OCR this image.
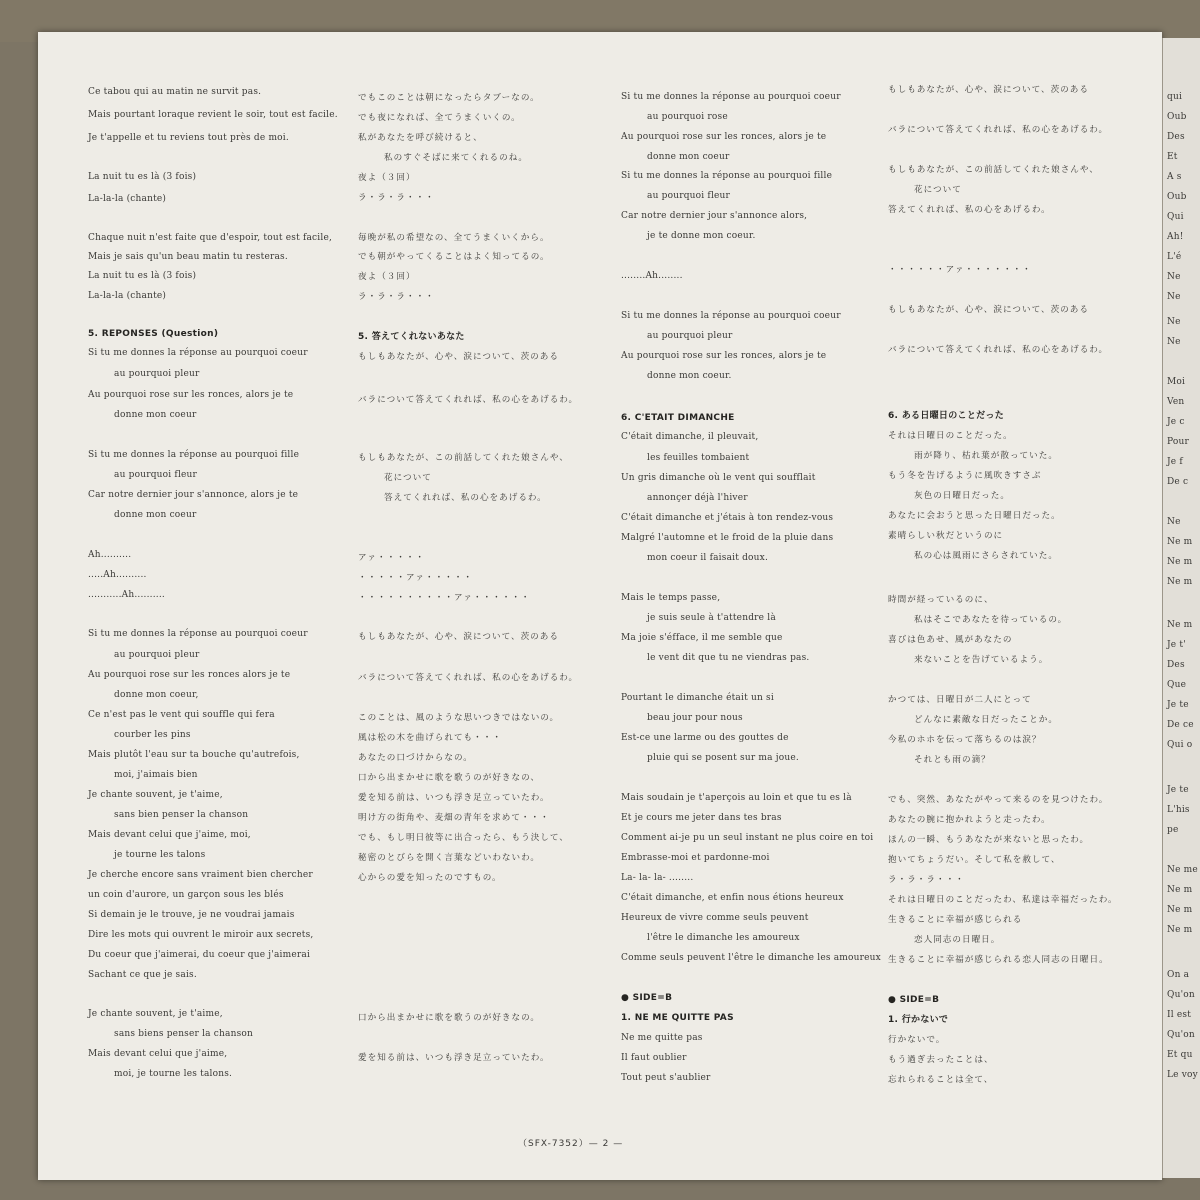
Ce tabou qui au matin ne survit pas.
Mais pourtant loraque revient le soir, tout est facile.
Je t'appelle et tu reviens tout près de moi.
La nuit tu es là (3 fois)
La-la-la (chante)
Chaque nuit n'est faite que d'espoir, tout est facile,
Mais je sais qu'un beau matin tu resteras.
La nuit tu es là (3 fois)
La-la-la (chante)
5. REPONSES (Question)
Si tu me donnes la réponse au pourquoi coeur
au pourquoi pleur
Au pourquoi rose sur les ronces, alors je te
donne mon coeur
Si tu me donnes la réponse au pourquoi fille
au pourquoi fleur
Car notre dernier jour s'annonce, alors je te
donne mon coeur
Ah..........
.....Ah..........
...........Ah..........
Si tu me donnes la réponse au pourquoi coeur
au pourquoi pleur
Au pourquoi rose sur les ronces alors je te
donne mon coeur,
Ce n'est pas le vent qui souffle qui fera
courber les pins
Mais plutôt l'eau sur ta bouche qu'autrefois,
moi, j'aimais bien
Je chante souvent, je t'aime,
sans bien penser la chanson
Mais devant celui que j'aime, moi,
je tourne les talons
Je cherche encore sans vraiment bien chercher
un coin d'aurore, un garçon sous les blés
Si demain je le trouve, je ne voudrai jamais
Dire les mots qui ouvrent le miroir aux secrets,
Du coeur que j'aimerai, du coeur que j'aimerai
Sachant ce que je sais.
Je chante souvent, je t'aime,
sans biens penser la chanson
Mais devant celui que j'aime,
moi, je tourne les talons.
でもこのことは朝になったらタブーなの。
でも夜になれば、全てうまくいくの。
私があなたを呼び続けると、
私のすぐそばに来てくれるのね。
夜よ（３回）
ラ・ラ・ラ・・・
毎晩が私の希望なの、全てうまくいくから。
でも朝がやってくることはよく知ってるの。
夜よ（３回）
ラ・ラ・ラ・・・
5. 答えてくれないあなた
もしもあなたが、心や、涙について、茨のある
バラについて答えてくれれば、私の心をあげるわ。
もしもあなたが、この前話してくれた娘さんや、
花について
答えてくれれば、私の心をあげるわ。
アァ・・・・・
・・・・・アァ・・・・・
・・・・・・・・・・アァ・・・・・・
もしもあなたが、心や、涙について、茨のある
バラについて答えてくれれば、私の心をあげるわ。
このことは、風のような思いつきではないの。
風は松の木を曲げられても・・・
あなたの口づけからなの。
口から出まかせに歌を歌うのが好きなの、
愛を知る前は、いつも浮き足立っていたわ。
明け方の街角や、麦畑の青年を求めて・・・
でも、もし明日彼等に出合ったら、もう決して、
秘密のとびらを開く言葉などいわないわ。
心からの愛を知ったのですもの。
口から出まかせに歌を歌うのが好きなの。
愛を知る前は、いつも浮き足立っていたわ。
Si tu me donnes la réponse au pourquoi coeur
au pourquoi rose
Au pourquoi rose sur les ronces, alors je te
donne mon coeur
Si tu me donnes la réponse au pourquoi fille
au pourquoi fleur
Car notre dernier jour s'annonce alors,
je te donne mon coeur.
........Ah........
Si tu me donnes la réponse au pourquoi coeur
au pourquoi pleur
Au pourquoi rose sur les ronces, alors je te
donne mon coeur.
6. C'ETAIT DIMANCHE
C'était dimanche, il pleuvait,
les feuilles tombaient
Un gris dimanche où le vent qui soufflait
annonçer déjà l'hiver
C'était dimanche et j'étais à ton rendez-vous
Malgré l'automne et le froid de la pluie dans
mon coeur il faisait doux.
Mais le temps passe,
je suis seule à t'attendre là
Ma joie s'éfface, il me semble que
le vent dit que tu ne viendras pas.
Pourtant le dimanche était un si
beau jour pour nous
Est-ce une larme ou des gouttes de
pluie qui se posent sur ma joue.
Mais soudain je t'aperçois au loin et que tu es là
Et je cours me jeter dans tes bras
Comment ai-je pu un seul instant ne plus coire en toi
Embrasse-moi et pardonne-moi
La- la- la- ........
C'était dimanche, et enfin nous étions heureux
Heureux de vivre comme seuls peuvent
l'être le dimanche les amoureux
Comme seuls peuvent l'être le dimanche les amoureux
● SIDE=B
1. NE ME QUITTE PAS
Ne me quitte pas
Il faut oublier
Tout peut s'aublier
もしもあなたが、心や、涙について、茨のある
バラについて答えてくれれば、私の心をあげるわ。
もしもあなたが、この前話してくれた娘さんや、
花について
答えてくれれば、私の心をあげるわ。
・・・・・・アァ・・・・・・・
もしもあなたが、心や、涙について、茨のある
バラについて答えてくれれば、私の心をあげるわ。
6. ある日曜日のことだった
それは日曜日のことだった。
雨が降り、枯れ葉が散っていた。
もう冬を告げるように風吹きすさぶ
灰色の日曜日だった。
あなたに会おうと思った日曜日だった。
素晴らしい秋だというのに
私の心は風雨にさらされていた。
時間が経っているのに、
私はそこであなたを待っているの。
喜びは色あせ、風があなたの
来ないことを告げているよう。
かつては、日曜日が二人にとって
どんなに素敵な日だったことか。
今私のホホを伝って落ちるのは涙？
それとも雨の滴？
でも、突然、あなたがやって来るのを見つけたわ。
あなたの腕に抱かれようと走ったわ。
ほんの一瞬、もうあなたが来ないと思ったわ。
抱いてちょうだい。そして私を赦して、
ラ・ラ・ラ・・・
それは日曜日のことだったわ、私達は幸福だったわ。
生きることに幸福が感じられる
恋人同志の日曜日。
生きることに幸福が感じられる恋人同志の日曜日。
● SIDE=B
1. 行かないで
行かないで。
もう過ぎ去ったことは、
忘れられることは全て、
（SFX-7352）— 2 —
qui
Oub
Des
Et
A s
Oub
Qui
Ah!
L'é
Ne
Ne
Ne
Ne
Moi
Ven
Je c
Pour
Je f
De c
Ne
Ne m
Ne m
Ne m
Ne m
Je t'
Des
Que
Je te
De ce
Qui o
Je te
L'his
pe
Ne me
Ne m
Ne m
Ne m
On a
Qu'on
Il est
Qu'on
Et qu
Le voy
